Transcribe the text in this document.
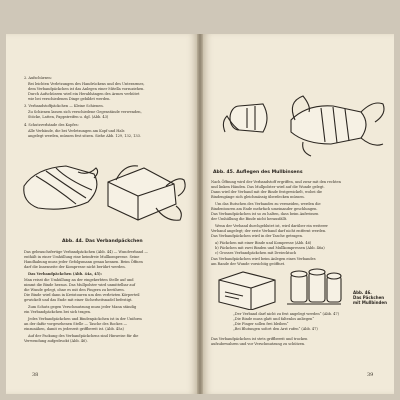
2. Aufschürzen:
Bei leichten Verletzungen des Handrückens und des Unterarmes,
dem Verbandpäckchen ist das Anlegen einer Mitella vorzuziehen.
Durch Aufschürzen wird ein Herabhängen des Armes verhütet
wie bei verschiedenen Dinge gebildet werden.
3. Verbandstoffpäckchen — Kleine Schienen.
Zu Schienen lassen sich verschiedene Gegenstände verwenden,
Stöcke, Latten, Pappstreifen u. dgl. (Abb. 43)
4. Schutzverbände des Kopfes:
Alle Verbände, die bei Verletzungen am Kopf und Hals
angelegt werden, müssen fest sitzen. Siehe Abb. 129, 132, 133.
Abb. 44. Das Verbandpäckchen
Das gebrauchsfertige Verbandpäckchen (Abb. 44) — Wundverband —
enthält in einer Umhüllung eine keimfreie Mullkompresse. Seine
Handhabung muss jeder Gefolgsmann genau kennen. Beim Öffnen
darf die Innenseite der Kompresse nicht berührt werden.
Das Verbandpäckchen (Abb. 44a, 45):
Man reisst die Umhüllung an der eingekerbten Stelle auf und
nimmt die Binde heraus. Das Mullpolster wird unmittelbar auf
die Wunde gelegt, ohne es mit den Fingern zu berühren.
Die Binde wird dann in Kreistouren um den verletzten Körperteil
gewickelt und das Ende mit einer Sicherheitsnadel befestigt.
Zum Schutz gegen Verschmutzung muss jeder Mann ständig
ein Verbandpäckchen bei sich tragen.
Jedes Verbandpäckchen und Bindenpäckchen ist in der Uniform
an der dafür vorgesehenen Stelle — Tasche des Rockes —
einzunähen, damit es jederzeit griffbereit ist. (Abb. 45a)
Auf der Packung des Verbandpäckchens sind Hinweise für die
Verwendung aufgedruckt (Abb. 46).
38
Abb. 45. Auflegen des Mullbinsens
Nach Öffnung wird der Verbandstoff ergriffen, und zwar mit den rechten
und linken Händen. Das Mullpolster wird auf die Wunde gelegt.
Dann wird der Verband mit der Binde festgewickelt, wobei die
Bindengänge sich gleichmässig überdecken müssen.
Um das Rutschen des Verbandes zu vermeiden, werden die
Bindentouren am Ende mehrfach umeinander geschlungen.
Das Verbandpäckchen ist so zu halten, dass beim Aufreissen
der Umhüllung die Binde nicht herausfällt.
Wenn der Verband durchgeblutet ist, wird darüber ein weiterer
Verband angelegt; der erste Verband darf nicht entfernt werden.
Das Verbandpäckchen wird in der Tasche getragen.
a) Päckchen mit einer Binde und Kompresse (Abb. 46)
b) Päckchen mit zwei Binden und Mullkompressen (Abb. 46a)
c) Grosses Verbandpäckchen mit Dreiecktuch
Das Verbandpäckchen wird beim Anlegen eines Verbandes
am Rande der Wunde vorsichtig geöffnet.
Abb. 46.
Das Päckchen
mit Mullbinden
„Der Verband darf nicht zu fest angelegt werden“ (Abb. 47)
„Die Binde muss glatt und faltenlos anliegen“
„Die Finger sollen frei bleiben“
„Bei Blutungen sofort den Arzt rufen“ (Abb. 47)
Das Verbandpäckchen ist stets griffbereit und trocken
aufzubewahren und vor Verschmutzung zu schützen.
39
